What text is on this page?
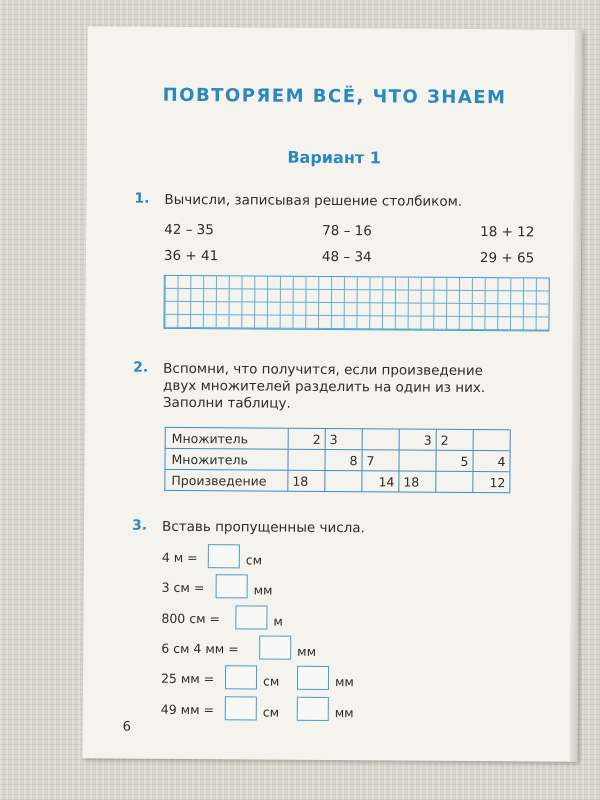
ПОВТОРЯЕМ ВСЁ, ЧТО ЗНАЕМ
Вариант 1
1. Вычисли, записывая решение столбиком.
42 – 35	78 – 16	18 + 12
36 + 41	48 – 34	29 + 65
2. Вспомни, что получится, если произведение
двух множителей разделить на один из них.
Заполни таблицу.
Множитель	2	3		3	2	
Множитель		8	7		5	4
Произведение	18		14	18		12
3. Вставь пропущенные числа.
4 м =	см
3 см =	мм
800 см =	м
6 см 4 мм =	мм
25 мм =	см	мм
49 мм =	см	мм
6
